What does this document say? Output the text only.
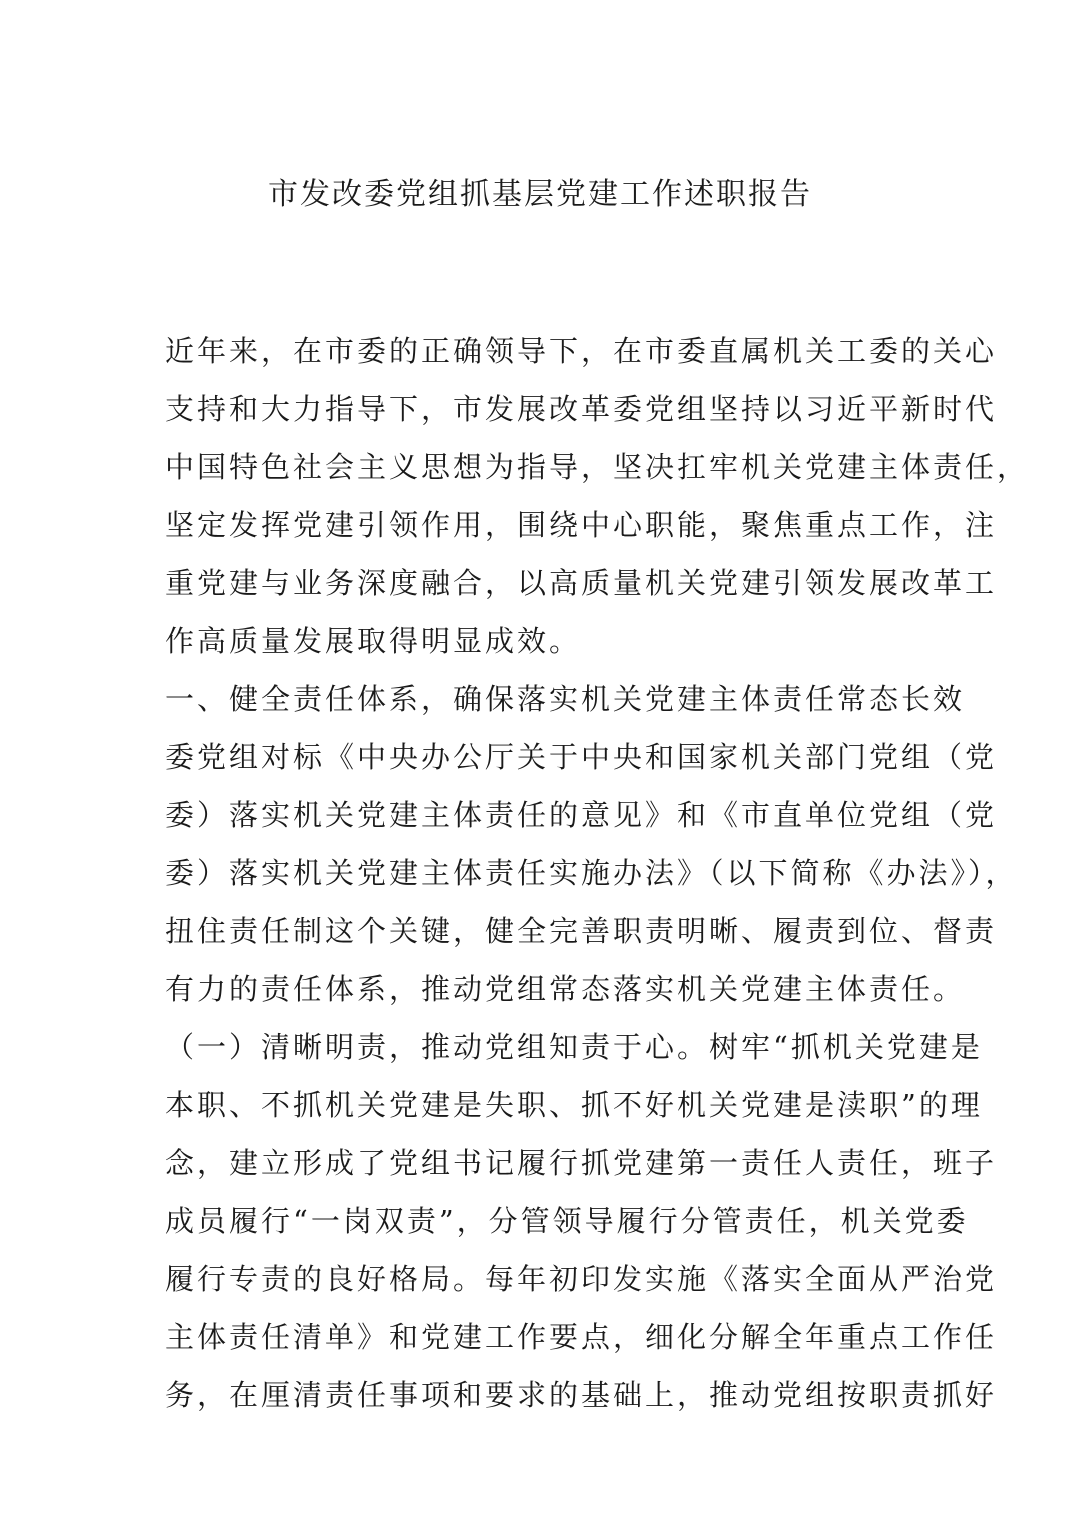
市发改委党组抓基层党建工作述职报告
近年来，在市委的正确领导下，在市委直属机关工委的关心
支持和大力指导下，市发展改革委党组坚持以习近平新时代
中国特色社会主义思想为指导，坚决扛牢机关党建主体责任，
坚定发挥党建引领作用，围绕中心职能，聚焦重点工作，注
重党建与业务深度融合，以高质量机关党建引领发展改革工
作高质量发展取得明显成效。
一、健全责任体系，确保落实机关党建主体责任常态长效
委党组对标《中央办公厅关于中央和国家机关部门党组（党
委）落实机关党建主体责任的意见》和《市直单位党组（党
委）落实机关党建主体责任实施办法》（以下简称《办法》），
扭住责任制这个关键，健全完善职责明晰、履责到位、督责
有力的责任体系，推动党组常态落实机关党建主体责任。
（一）清晰明责，推动党组知责于心。树牢“抓机关党建是
本职、不抓机关党建是失职、抓不好机关党建是渎职”的理
念，建立形成了党组书记履行抓党建第一责任人责任，班子
成员履行“一岗双责”，分管领导履行分管责任，机关党委
履行专责的良好格局。每年初印发实施《落实全面从严治党
主体责任清单》和党建工作要点，细化分解全年重点工作任
务，在厘清责任事项和要求的基础上，推动党组按职责抓好
